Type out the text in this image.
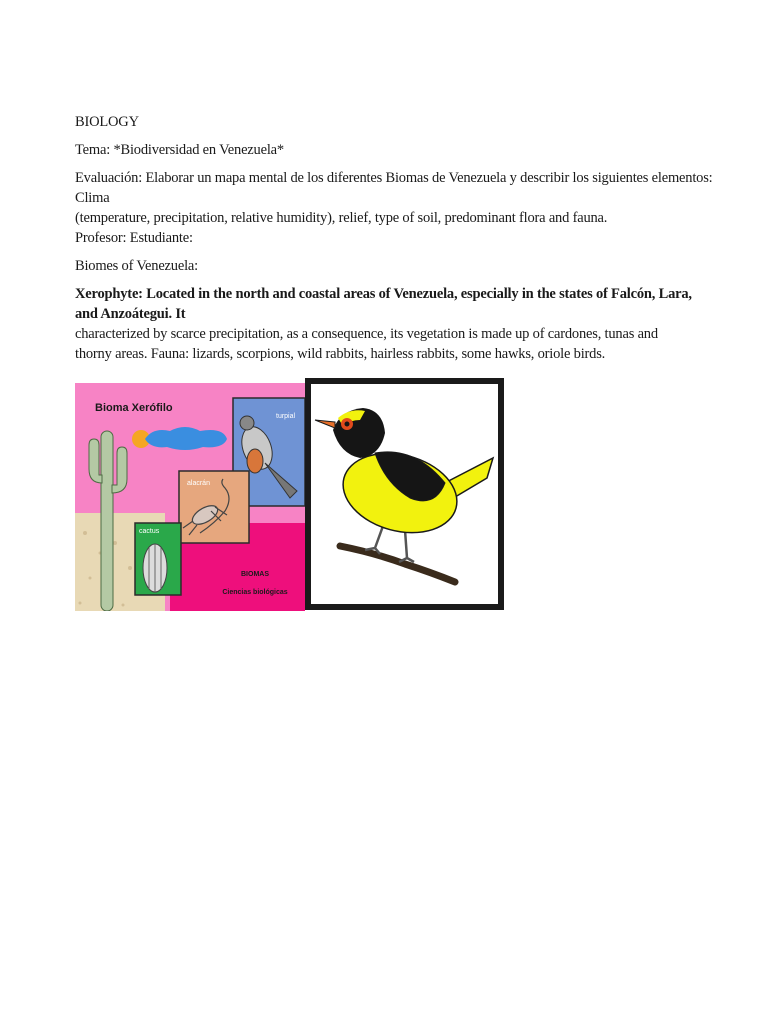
BIOLOGY

Tema: *Biodiversidad en Venezuela*

Evaluación: Elaborar un mapa mental de los diferentes Biomas de Venezuela y describir los siguientes elementos: Clima

(temperature, precipitation, relative humidity), relief, type of soil, predominant flora and fauna.

Profesor: Estudiante:

Biomes of Venezuela:

Xerophyte: Located in the north and coastal areas of Venezuela, especially in the states of Falcón, Lara, and Anzoátegui. It

characterized by scarce precipitation, as a consequence, its vegetation is made up of cardones, tunas and

thorny areas. Fauna: lizards, scorpions, wild rabbits, hairless rabbits, some hawks, oriole birds.

Bioma Xerófilo
turpial
alacrán
cactus
BIOMAS
Ciencias biológicas
